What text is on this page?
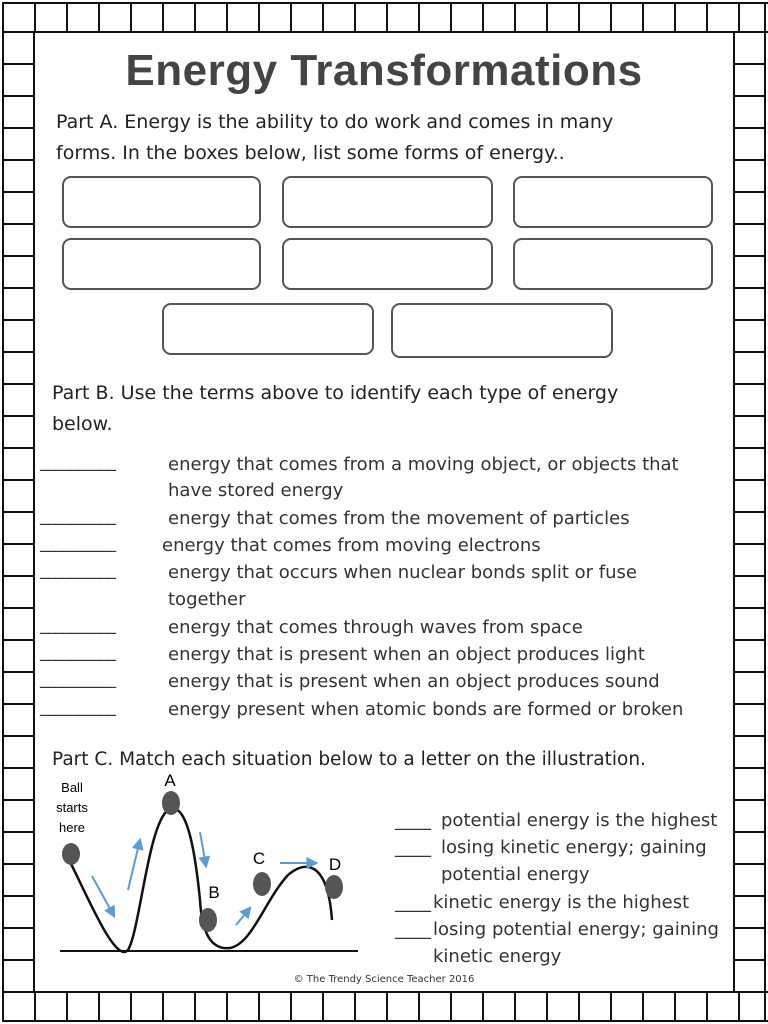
Energy Transformations

Part A. Energy is the ability to do work and comes in many

forms. In the boxes below, list some forms of energy..

Part B. Use the terms above to identify each type of energy

below.

__________	energy that comes from a moving object, or objects that
have stored energy
__________	energy that comes from the movement of particles
__________	energy that comes from moving electrons
__________	energy that occurs when nuclear bonds split or fuse
together
__________	energy that comes through waves from space
__________	energy that is present when an object produces light
__________	energy that is present when an object produces sound
__________	energy present when atomic bonds are formed or broken

Part C. Match each situation below to a letter on the illustration.

Ball
starts
here
A
B
C	D
____ potential energy is the highest
____ losing kinetic energy; gaining
potential energy
____ kinetic energy is the highest
____ losing potential energy; gaining
kinetic energy
© The Trendy Science Teacher 2016
